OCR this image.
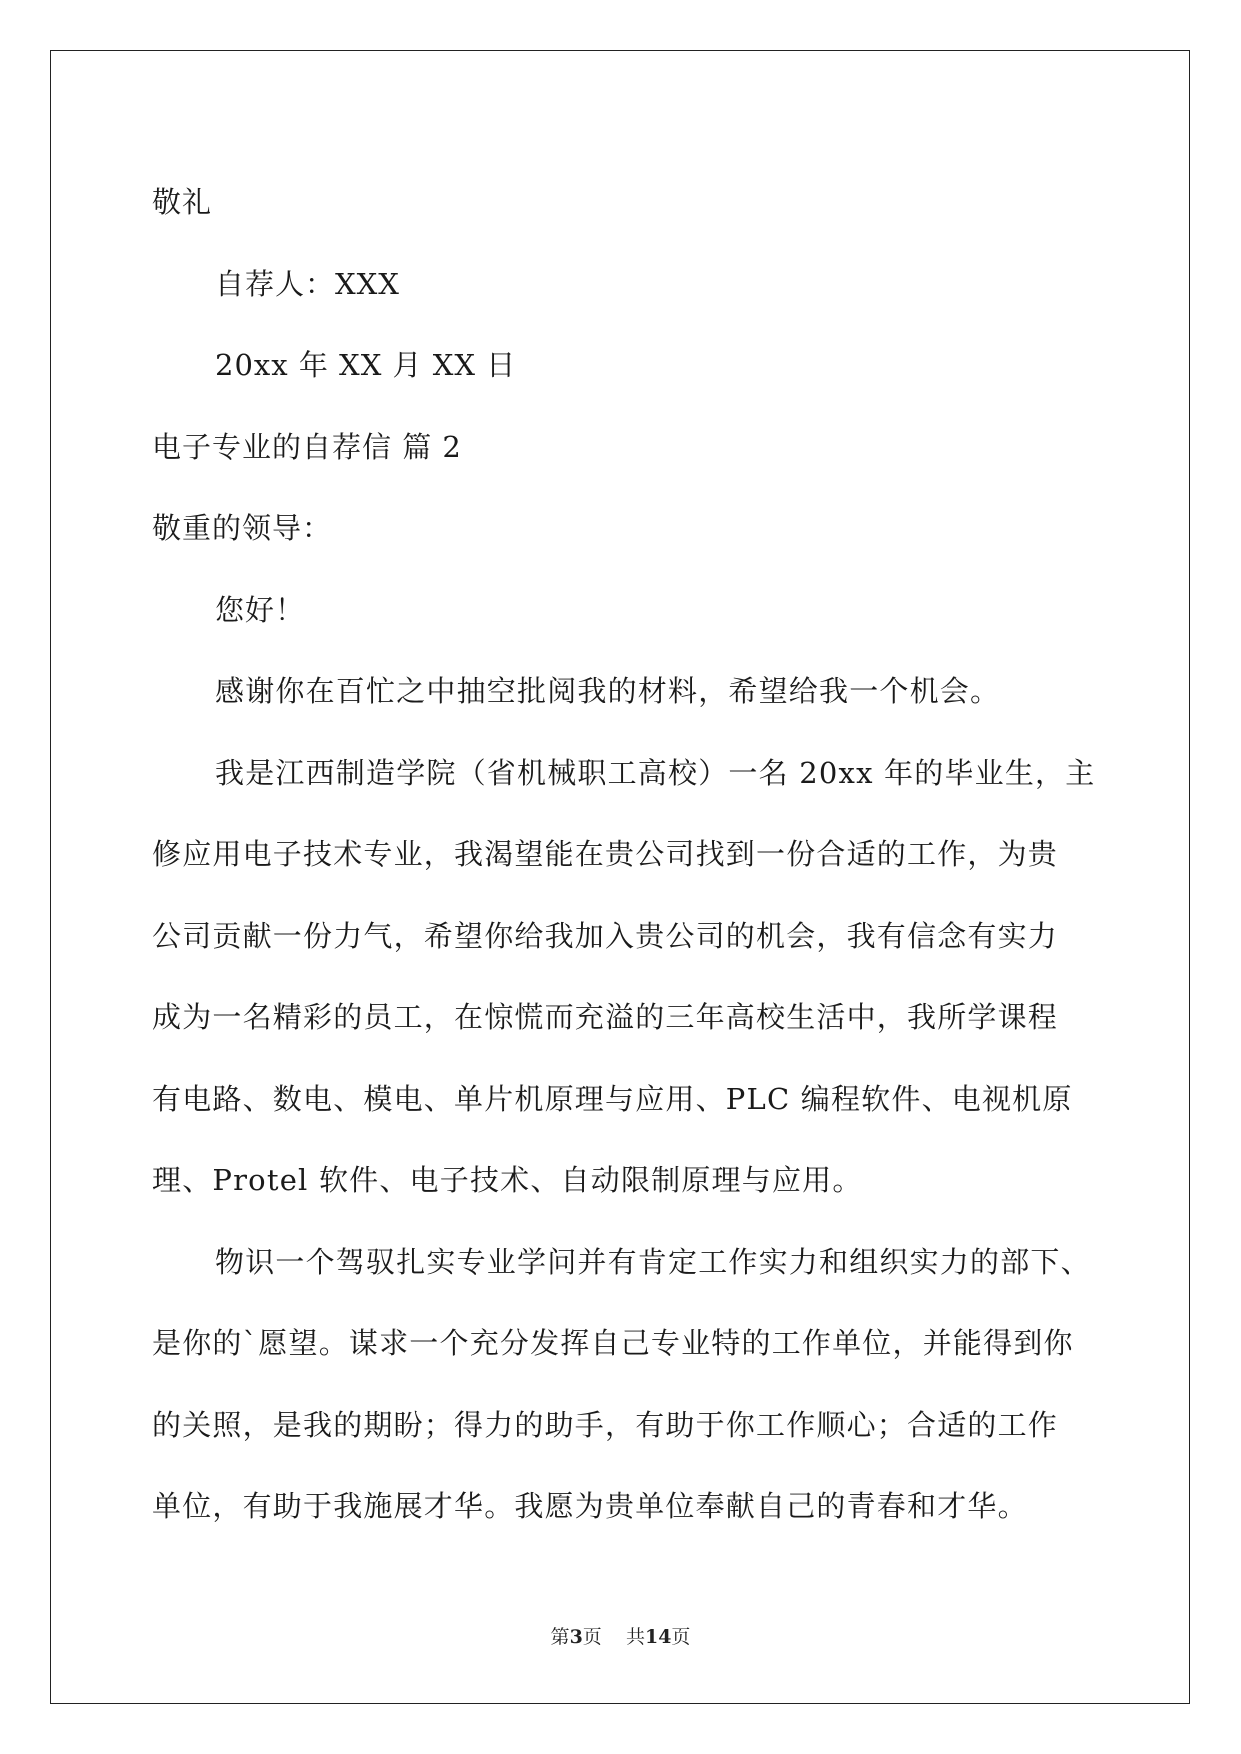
敬礼
自荐人：XXX
20xx 年 XX 月 XX 日
电子专业的自荐信 篇 2
敬重的领导：
您好！
感谢你在百忙之中抽空批阅我的材料，希望给我一个机会。
我是江西制造学院（省机械职工高校）一名 20xx 年的毕业生，主
修应用电子技术专业，我渴望能在贵公司找到一份合适的工作，为贵
公司贡献一份力气，希望你给我加入贵公司的机会，我有信念有实力
成为一名精彩的员工，在惊慌而充溢的三年高校生活中，我所学课程
有电路、数电、模电、单片机原理与应用、PLC 编程软件、电视机原
理、Protel 软件、电子技术、自动限制原理与应用。
物识一个驾驭扎实专业学问并有肯定工作实力和组织实力的部下、
是你的`愿望。谋求一个充分发挥自己专业特的工作单位，并能得到你
的关照，是我的期盼；得力的助手，有助于你工作顺心；合适的工作
单位，有助于我施展才华。我愿为贵单位奉献自己的青春和才华。
第3页    共14页
